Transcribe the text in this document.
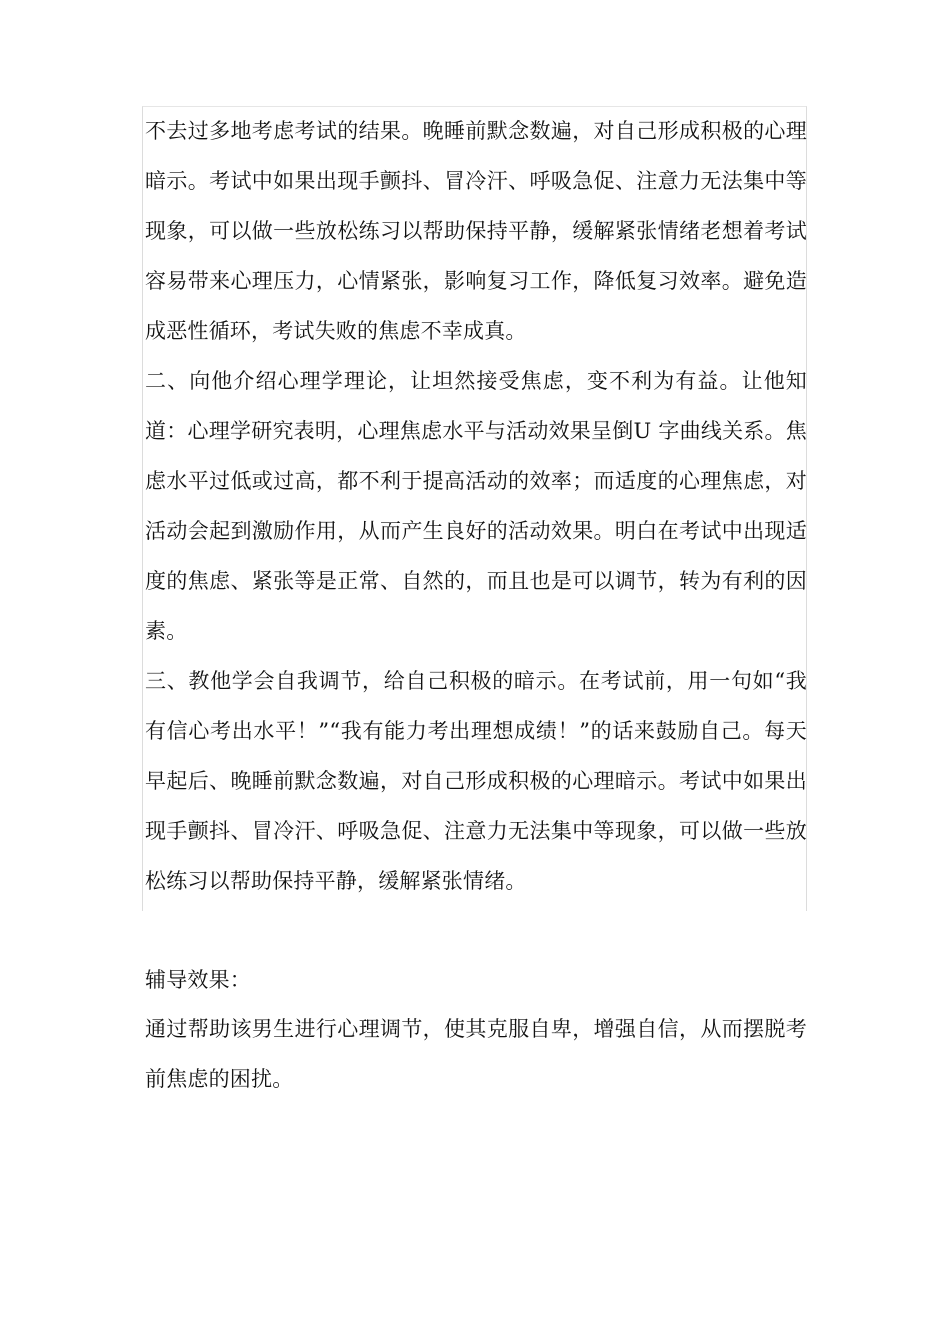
不去过多地考虑考试的结果。晚睡前默念数遍，对自己形成积极的心理暗示。考试中如果出现手颤抖、冒冷汗、呼吸急促、注意力无法集中等现象，可以做一些放松练习以帮助保持平静，缓解紧张情绪老想着考试容易带来心理压力，心情紧张，影响复习工作，降低复习效率。避免造成恶性循环，考试失败的焦虑不幸成真。

二、向他介绍心理学理论，让坦然接受焦虑，变不利为有益。让他知道：心理学研究表明，心理焦虑水平与活动效果呈倒U 字曲线关系。焦虑水平过低或过高，都不利于提高活动的效率；而适度的心理焦虑，对活动会起到激励作用，从而产生良好的活动效果。明白在考试中出现适度的焦虑、紧张等是正常、自然的，而且也是可以调节，转为有利的因素。

三、教他学会自我调节，给自己积极的暗示。在考试前，用一句如“我有信心考出水平！”“我有能力考出理想成绩！”的话来鼓励自己。每天早起后、晚睡前默念数遍，对自己形成积极的心理暗示。考试中如果出现手颤抖、冒冷汗、呼吸急促、注意力无法集中等现象，可以做一些放松练习以帮助保持平静，缓解紧张情绪。

辅导效果：

通过帮助该男生进行心理调节，使其克服自卑，增强自信，从而摆脱考前焦虑的困扰。
